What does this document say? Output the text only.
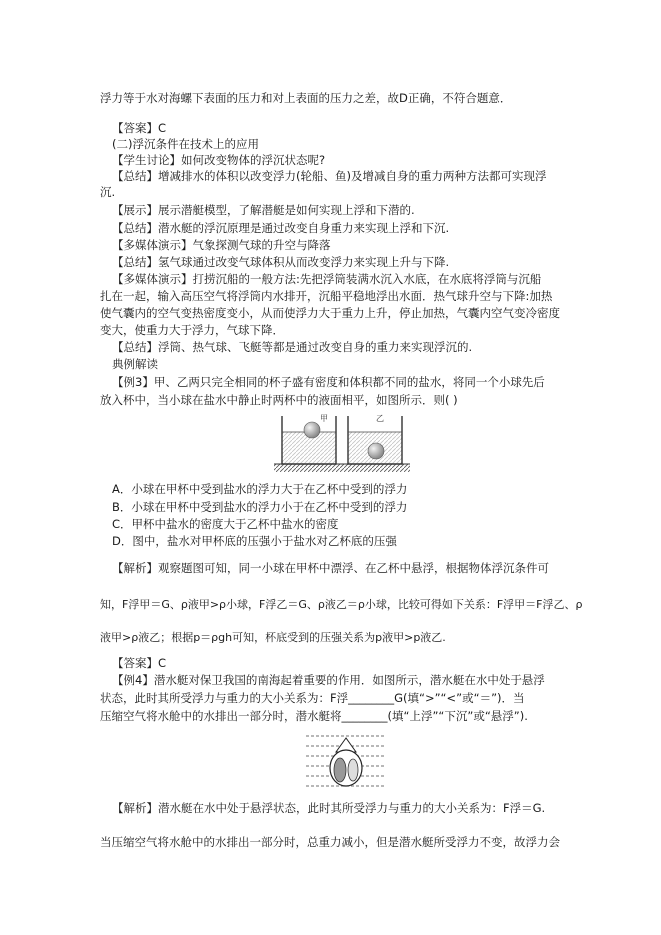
浮力等于水对海螺下表面的压力和对上表面的压力之差，故D正确，不符合题意．
【答案】C
(二)浮沉条件在技术上的应用
【学生讨论】如何改变物体的浮沉状态呢?
【总结】增减排水的体积以改变浮力(轮船、鱼)及增减自身的重力两种方法都可实现浮
沉.
【展示】展示潜艇模型，了解潜艇是如何实现上浮和下潜的.
【总结】潜水艇的浮沉原理是通过改变自身重力来实现上浮和下沉.
【多媒体演示】气象探测气球的升空与降落
【总结】氢气球通过改变气球体积从而改变浮力来实现上升与下降.
【多媒体演示】打捞沉船的一般方法:先把浮筒装满水沉入水底，在水底将浮筒与沉船
扎在一起，输入高压空气将浮筒内水排开，沉船平稳地浮出水面．热气球升空与下降:加热
使气囊内的空气变热密度变小，从而使浮力大于重力上升，停止加热，气囊内空气变冷密度
变大，使重力大于浮力，气球下降．
【总结】浮筒、热气球、飞艇等都是通过改变自身的重力来实现浮沉的.
典例解读
【例3】甲、乙两只完全相同的杯子盛有密度和体积都不同的盐水，将同一个小球先后
放入杯中，当小球在盐水中静止时两杯中的液面相平，如图所示．则( )
甲	乙
A．小球在甲杯中受到盐水的浮力大于在乙杯中受到的浮力
B．小球在甲杯中受到盐水的浮力小于在乙杯中受到的浮力
C．甲杯中盐水的密度大于乙杯中盐水的密度
D．图中，盐水对甲杯底的压强小于盐水对乙杯底的压强
【解析】观察题图可知，同一小球在甲杯中漂浮、在乙杯中悬浮，根据物体浮沉条件可
知，F浮甲＝G、ρ液甲>ρ小球，F浮乙＝G、ρ液乙＝ρ小球，比较可得如下关系：F浮甲＝F浮乙、ρ
液甲>ρ液乙；根据p＝ρgh可知，杯底受到的压强关系为p液甲>p液乙.
【答案】C
【例4】潜水艇对保卫我国的南海起着重要的作用．如图所示，潜水艇在水中处于悬浮
状态，此时其所受浮力与重力的大小关系为：F浮________G(填“>”“<”或“＝”)．当
压缩空气将水舱中的水排出一部分时，潜水艇将________(填“上浮”“下沉”或“悬浮”).
【解析】潜水艇在水中处于悬浮状态，此时其所受浮力与重力的大小关系为：F浮＝G.
当压缩空气将水舱中的水排出一部分时，总重力减小，但是潜水艇所受浮力不变，故浮力会
